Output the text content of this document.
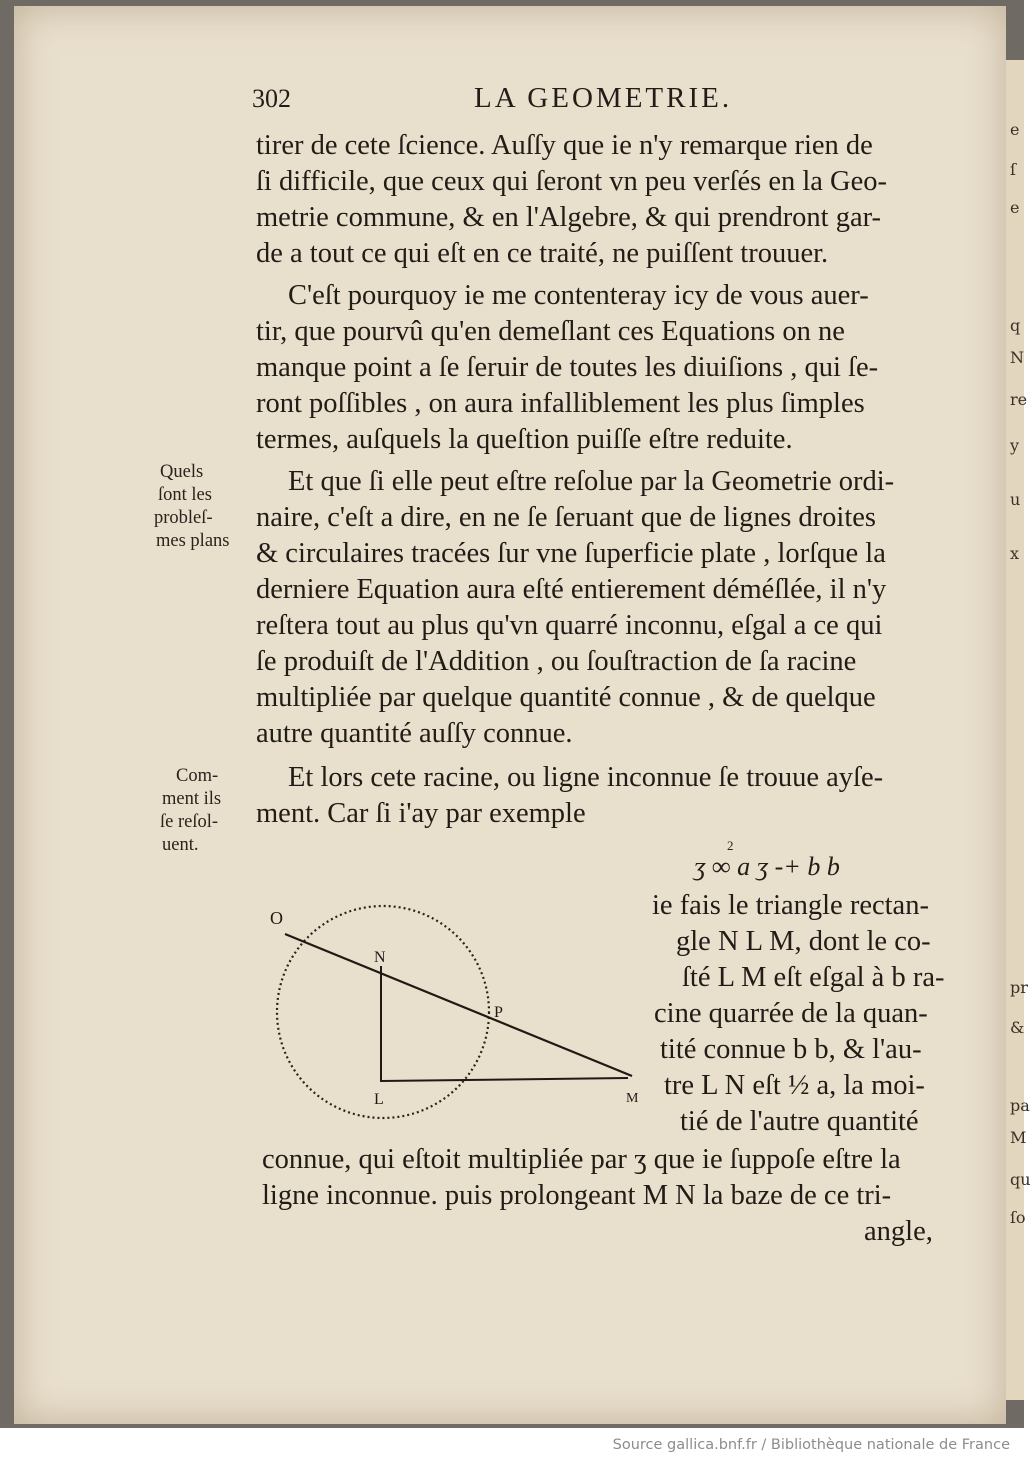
e
ſ
e
q
N
re
y
u
x
pr
&
pa
M
qu
ſo
302	LA GEOMETRIE.
tirer de cete ſcience. Auſſy que ie n'y remarque rien de
ſi difficile, que ceux qui ſeront vn peu verſés en la Geo-
metrie commune, & en l'Algebre, & qui prendront gar-
de a tout ce qui eſt en ce traité, ne puiſſent trouuer.
C'eſt pourquoy ie me contenteray icy de vous auer-
tir, que pourvû qu'en demeſlant ces Equations on ne
manque point a ſe ſeruir de toutes les diuiſions , qui ſe-
ront poſſibles , on aura infalliblement les plus ſimples
termes, auſquels la queſtion puiſſe eſtre reduite.
Et que ſi elle peut eſtre reſolue par la Geometrie ordi-
naire, c'eſt a dire, en ne ſe ſeruant que de lignes droites
& circulaires tracées ſur vne ſuperficie plate , lorſque la
derniere Equation aura eſté entierement déméſlée, il n'y
reſtera tout au plus qu'vn quarré inconnu, eſgal a ce qui
ſe produiſt de l'Addition , ou ſouſtraction de ſa racine
multipliée par quelque quantité connue , & de quelque
autre quantité auſſy connue.
Et lors cete racine, ou ligne inconnue ſe trouue ayſe-
ment. Car ſi i'ay par exemple
2
ʒ ∞ a ʒ -+ b b
ie fais le triangle rectan-
gle N L M, dont le co-
ſté L M eſt eſgal à b ra-
cine quarrée de la quan-
tité connue b b, & l'au-
tre L N eſt ½ a, la moi-
tié de l'autre quantité
connue, qui eſtoit multipliée par ʒ que ie ſuppoſe eſtre la
ligne inconnue. puis prolongeant M N la baze de ce tri-
angle,
Quels
ſont les
probleſ-
mes plans
Com-
ment ils
ſe reſol-
uent.
O
N
P
L	M
Source gallica.bnf.fr / Bibliothèque nationale de France
